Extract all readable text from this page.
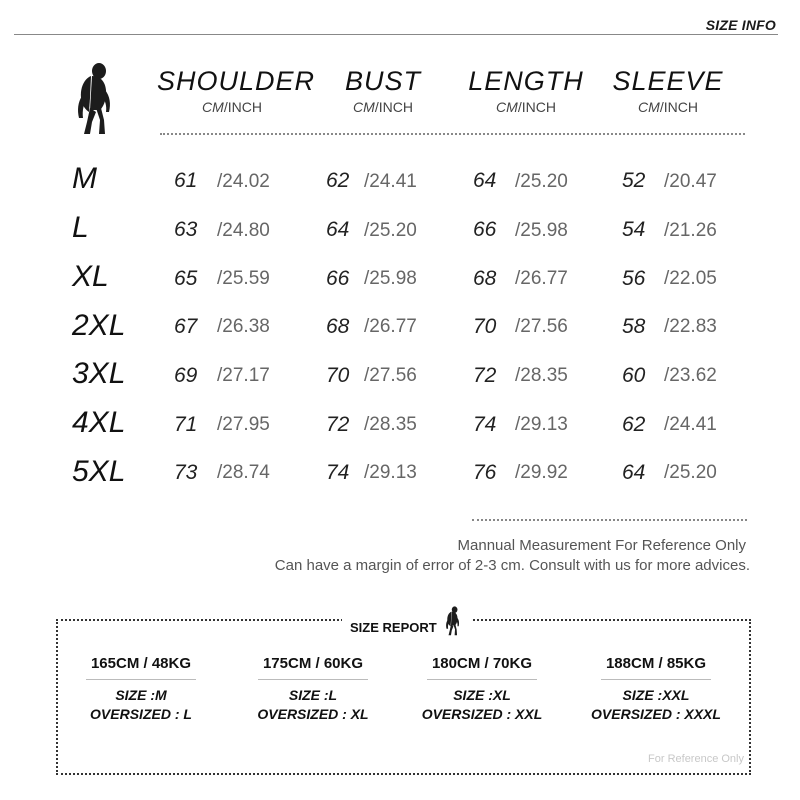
SIZE INFO
SHOULDER
CM/INCH
BUST
CM/INCH
LENGTH
CM/INCH
SLEEVE
CM/INCH
M	61 /24.02	62 /24.41	64 /25.20	52 /20.47
L	63 /24.80	64 /25.20	66 /25.98	54 /21.26
XL	65 /25.59	66 /25.98	68 /26.77	56 /22.05
2XL 67 /26.38	68 /26.77	70 /27.56	58 /22.83
3XL 69 /27.17	70 /27.56	72 /28.35	60 /23.62
4XL 71 /27.95	72 /28.35	74 /29.13	62 /24.41
5XL 73 /28.74	74 /29.13	76 /29.92	64 /25.20
Mannual Measurement For Reference Only
Can have a margin of error of 2-3 cm. Consult with us for more advices.
SIZE REPORT
165CM / 48KG
SIZE :M
OVERSIZED : L
175CM / 60KG
SIZE :L
OVERSIZED : XL
180CM / 70KG
SIZE :XL
OVERSIZED : XXL
188CM / 85KG
SIZE :XXL
OVERSIZED : XXXL
For Reference Only
